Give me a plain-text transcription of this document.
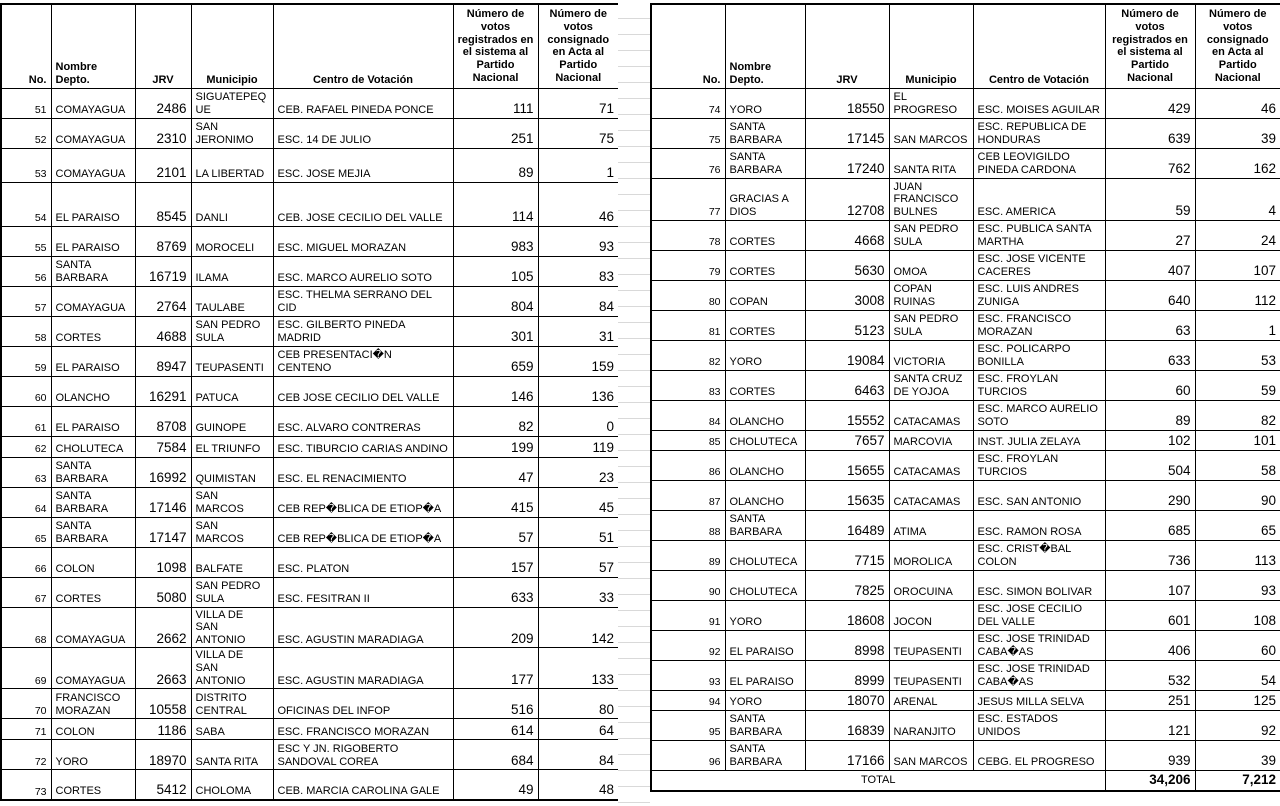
No.	Nombre Depto.	JRV	Municipio	Centro de Votación	Número de votos registrados en el sistema al Partido Nacional	Número de votos consignado en Acta al Partido Nacional
51	COMAYAGUA	2486	SIGUATEPEQUE	CEB. RAFAEL PINEDA PONCE	111	71
52	COMAYAGUA	2310	SAN JERONIMO	ESC. 14 DE JULIO	251	75
53	COMAYAGUA	2101	LA LIBERTAD	ESC. JOSE MEJIA	89	1
54	EL PARAISO	8545	DANLI	CEB. JOSE CECILIO DEL VALLE	114	46
55	EL PARAISO	8769	MOROCELI	ESC. MIGUEL MORAZAN	983	93
56	SANTA BARBARA	16719	ILAMA	ESC. MARCO AURELIO SOTO	105	83
57	COMAYAGUA	2764	TAULABE	ESC. THELMA SERRANO DEL CID	804	84
58	CORTES	4688	SAN PEDRO SULA	ESC. GILBERTO PINEDA MADRID	301	31
59	EL PARAISO	8947	TEUPASENTI	CEB PRESENTACI�N CENTENO	659	159
60	OLANCHO	16291	PATUCA	CEB JOSE CECILIO DEL VALLE	146	136
61	EL PARAISO	8708	GUINOPE	ESC. ALVARO CONTRERAS	82	0
62	CHOLUTECA	7584	EL TRIUNFO	ESC. TIBURCIO CARIAS ANDINO	199	119
63	SANTA BARBARA	16992	QUIMISTAN	ESC. EL RENACIMIENTO	47	23
64	SANTA BARBARA	17146	SAN MARCOS	CEB REP�BLICA DE ETIOP�A	415	45
65	SANTA BARBARA	17147	SAN MARCOS	CEB REP�BLICA DE ETIOP�A	57	51
66	COLON	1098	BALFATE	ESC. PLATON	157	57
67	CORTES	5080	SAN PEDRO SULA	ESC. FESITRAN II	633	33
68	COMAYAGUA	2662	VILLA DE SAN ANTONIO	ESC. AGUSTIN MARADIAGA	209	142
69	COMAYAGUA	2663	VILLA DE SAN ANTONIO	ESC. AGUSTIN MARADIAGA	177	133
70	FRANCISCO MORAZAN	10558	DISTRITO CENTRAL	OFICINAS DEL INFOP	516	80
71	COLON	1186	SABA	ESC. FRANCISCO MORAZAN	614	64
72	YORO	18970	SANTA RITA	ESC Y JN. RIGOBERTO SANDOVAL COREA	684	84
73	CORTES	5412	CHOLOMA	CEB. MARCIA CAROLINA GALE	49	48
No.	Nombre Depto.	JRV	Municipio	Centro de Votación	Número de votos registrados en el sistema al Partido Nacional	Número de votos consignado en Acta al Partido Nacional
74	YORO	18550	EL PROGRESO	ESC. MOISES AGUILAR	429	46
75	SANTA BARBARA	17145	SAN MARCOS	ESC. REPUBLICA DE HONDURAS	639	39
76	SANTA BARBARA	17240	SANTA RITA	CEB LEOVIGILDO PINEDA CARDONA	762	162
77	GRACIAS A DIOS	12708	JUAN FRANCISCO BULNES	ESC. AMERICA	59	4
78	CORTES	4668	SAN PEDRO SULA	ESC. PUBLICA SANTA MARTHA	27	24
79	CORTES	5630	OMOA	ESC. JOSE VICENTE CACERES	407	107
80	COPAN	3008	COPAN RUINAS	ESC. LUIS ANDRES ZUNIGA	640	112
81	CORTES	5123	SAN PEDRO SULA	ESC. FRANCISCO MORAZAN	63	1
82	YORO	19084	VICTORIA	ESC. POLICARPO BONILLA	633	53
83	CORTES	6463	SANTA CRUZ DE YOJOA	ESC. FROYLAN TURCIOS	60	59
84	OLANCHO	15552	CATACAMAS	ESC. MARCO AURELIO SOTO	89	82
85	CHOLUTECA	7657	MARCOVIA	INST. JULIA ZELAYA	102	101
86	OLANCHO	15655	CATACAMAS	ESC. FROYLAN TURCIOS	504	58
87	OLANCHO	15635	CATACAMAS	ESC. SAN ANTONIO	290	90
88	SANTA BARBARA	16489	ATIMA	ESC. RAMON ROSA	685	65
89	CHOLUTECA	7715	MOROLICA	ESC. CRIST�BAL COLON	736	113
90	CHOLUTECA	7825	OROCUINA	ESC. SIMON BOLIVAR	107	93
91	YORO	18608	JOCON	ESC. JOSE CECILIO DEL VALLE	601	108
92	EL PARAISO	8998	TEUPASENTI	ESC. JOSE TRINIDAD CABA�AS	406	60
93	EL PARAISO	8999	TEUPASENTI	ESC. JOSE TRINIDAD CABA�AS	532	54
94	YORO	18070	ARENAL	JESUS MILLA SELVA	251	125
95	SANTA BARBARA	16839	NARANJITO	ESC. ESTADOS UNIDOS	121	92
96	SANTA BARBARA	17166	SAN MARCOS	CEBG. EL PROGRESO	939	39
TOTAL					34,206	7,212
